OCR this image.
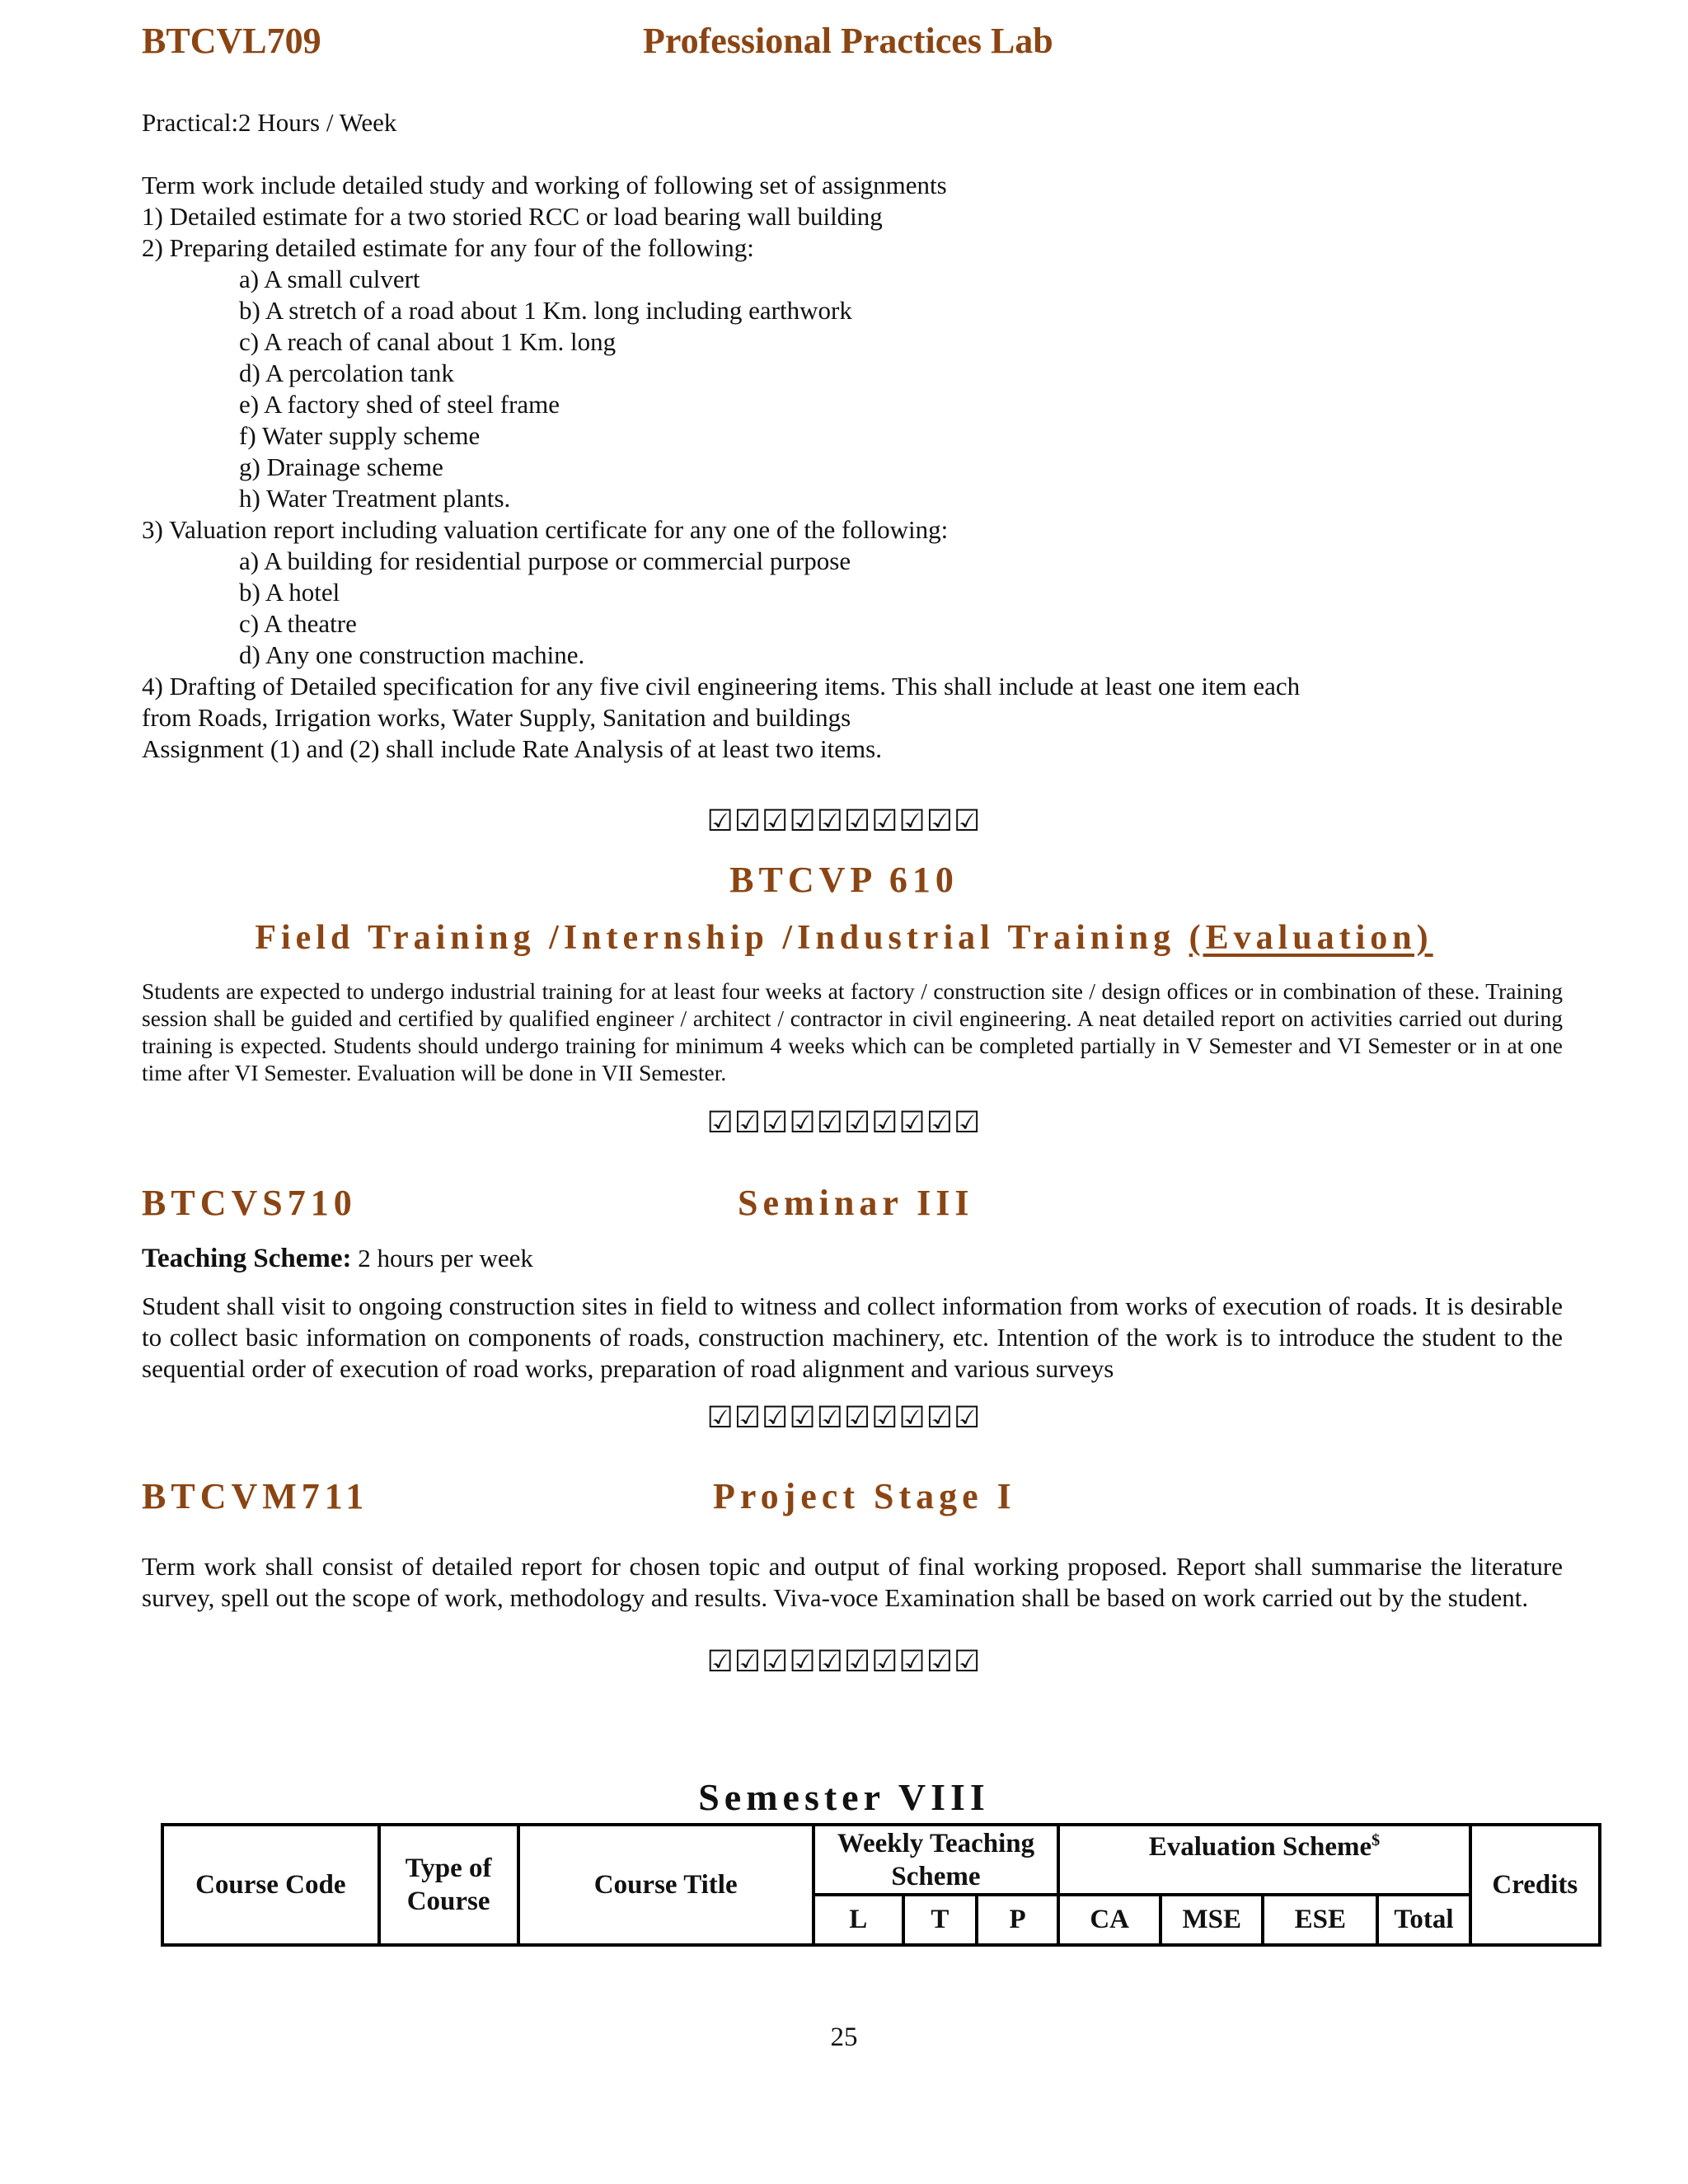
BTCVL709	Professional Practices Lab
Practical:2 Hours / Week
Term work include detailed study and working of following set of assignments
1) Detailed estimate for a two storied RCC or load bearing wall building
2) Preparing detailed estimate for any four of the following:
a) A small culvert
b) A stretch of a road about 1 Km. long including earthwork
c) A reach of canal about 1 Km. long
d) A percolation tank
e) A factory shed of steel frame
f) Water supply scheme
g) Drainage scheme
h) Water Treatment plants.
3) Valuation report including valuation certificate for any one of the following:
a) A building for residential purpose or commercial purpose
b) A hotel
c) A theatre
d) Any one construction machine.
4) Drafting of Detailed specification for any five civil engineering items. This shall include at least one item each
from Roads, Irrigation works, Water Supply, Sanitation and buildings
Assignment (1) and (2) shall include Rate Analysis of at least two items.
☑☑☑☑☑☑☑☑☑☑
BTCVP 610
Field Training /Internship /Industrial Training (Evaluation)
Students are expected to undergo industrial training for at least four weeks at factory / construction site / design offices or in combination of these. Training session shall be guided and certified by qualified engineer / architect / contractor in civil engineering. A neat detailed report on activities carried out during training is expected. Students should undergo training for minimum 4 weeks which can be completed partially in V Semester and VI Semester or in at one time after VI Semester. Evaluation will be done in VII Semester.
☑☑☑☑☑☑☑☑☑☑
BTCVS710	Seminar III
Teaching Scheme: 2 hours per week
Student shall visit to ongoing construction sites in field to witness and collect information from works of execution of roads. It is desirable to collect basic information on components of roads, construction machinery, etc. Intention of the work is to introduce the student to the sequential order of execution of road works, preparation of road alignment and various surveys
☑☑☑☑☑☑☑☑☑☑
BTCVM711	Project Stage I
Term work shall consist of detailed report for chosen topic and output of final working proposed. Report shall summarise the literature survey, spell out the scope of work, methodology and results. Viva-voce Examination shall be based on work carried out by the student.
☑☑☑☑☑☑☑☑☑☑
Semester VIII
Course Code	Type of Course	Course Title	Weekly Teaching Scheme			Evaluation Scheme$				Credits
			L	T	P	CA	MSE	ESE	Total	
25
